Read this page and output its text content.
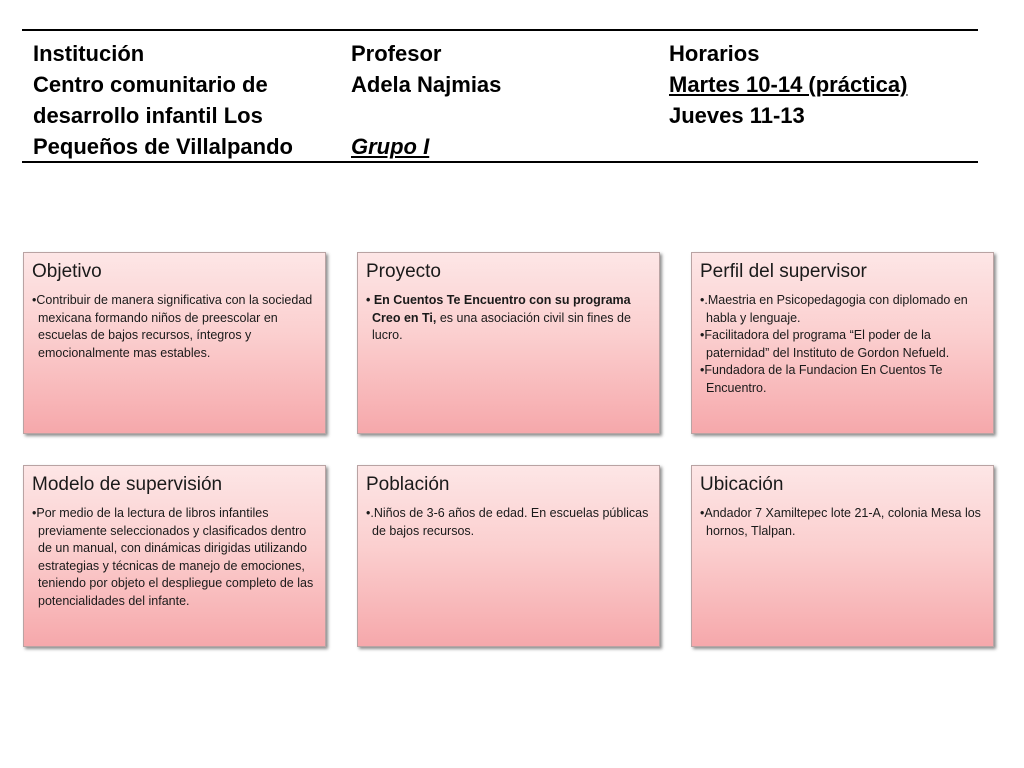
Institución
Centro comunitario de
desarrollo infantil Los
Pequeños de Villalpando
Profesor
Adela Najmias
Grupo I
Horarios
Martes 10-14 (práctica)
Jueves 11-13
Objetivo
•Contribuir de manera significativa con la sociedad mexicana formando niños de preescolar en escuelas de bajos recursos, íntegros y emocionalmente mas estables.
Proyecto
• En Cuentos Te Encuentro con su programa Creo en Ti, es una asociación civil sin fines de lucro.
Perfil del supervisor
•.Maestria en Psicopedagogia con diplomado en habla y lenguaje.
•Facilitadora del programa “El poder de la paternidad” del Instituto de Gordon Nefueld.
•Fundadora de la Fundacion En Cuentos Te Encuentro.
Modelo de supervisión
•Por medio de la lectura de libros infantiles previamente seleccionados y clasificados dentro de un manual, con dinámicas dirigidas utilizando estrategias y técnicas de manejo de emociones, teniendo por objeto el despliegue completo de las potencialidades del infante.
Población
•.Niños de 3-6 años de edad. En escuelas públicas de bajos recursos.
Ubicación
•Andador 7 Xamiltepec lote 21-A, colonia Mesa los hornos, Tlalpan.
